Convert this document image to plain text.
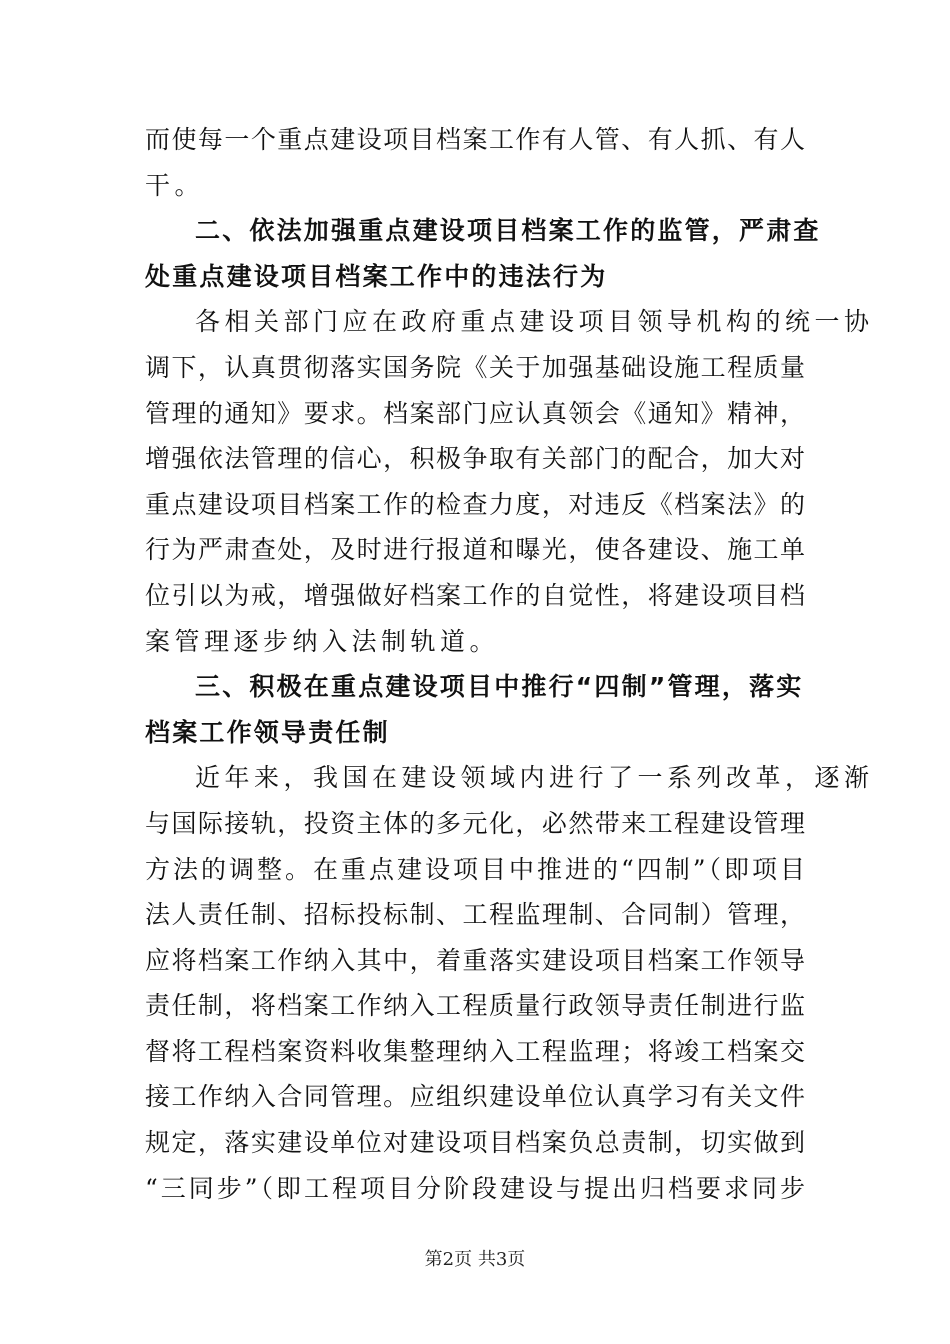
而使每一个重点建设项目档案工作有人管、有人抓、有人
干。
二、依法加强重点建设项目档案工作的监管，严肃查
处重点建设项目档案工作中的违法行为
各相关部门应在政府重点建设项目领导机构的统一协
调下，认真贯彻落实国务院《关于加强基础设施工程质量
管理的通知》要求。档案部门应认真领会《通知》精神，
增强依法管理的信心，积极争取有关部门的配合，加大对
重点建设项目档案工作的检查力度，对违反《档案法》的
行为严肃查处，及时进行报道和曝光，使各建设、施工单
位引以为戒，增强做好档案工作的自觉性，将建设项目档
案管理逐步纳入法制轨道。
三、积极在重点建设项目中推行“四制”管理，落实
档案工作领导责任制
近年来，我国在建设领域内进行了一系列改革，逐渐
与国际接轨，投资主体的多元化，必然带来工程建设管理
方法的调整。在重点建设项目中推进的“四制”（即项目
法人责任制、招标投标制、工程监理制、合同制）管理，
应将档案工作纳入其中，着重落实建设项目档案工作领导
责任制，将档案工作纳入工程质量行政领导责任制进行监
督将工程档案资料收集整理纳入工程监理；将竣工档案交
接工作纳入合同管理。应组织建设单位认真学习有关文件
规定，落实建设单位对建设项目档案负总责制，切实做到
“三同步”（即工程项目分阶段建设与提出归档要求同步
第2页 共3页
